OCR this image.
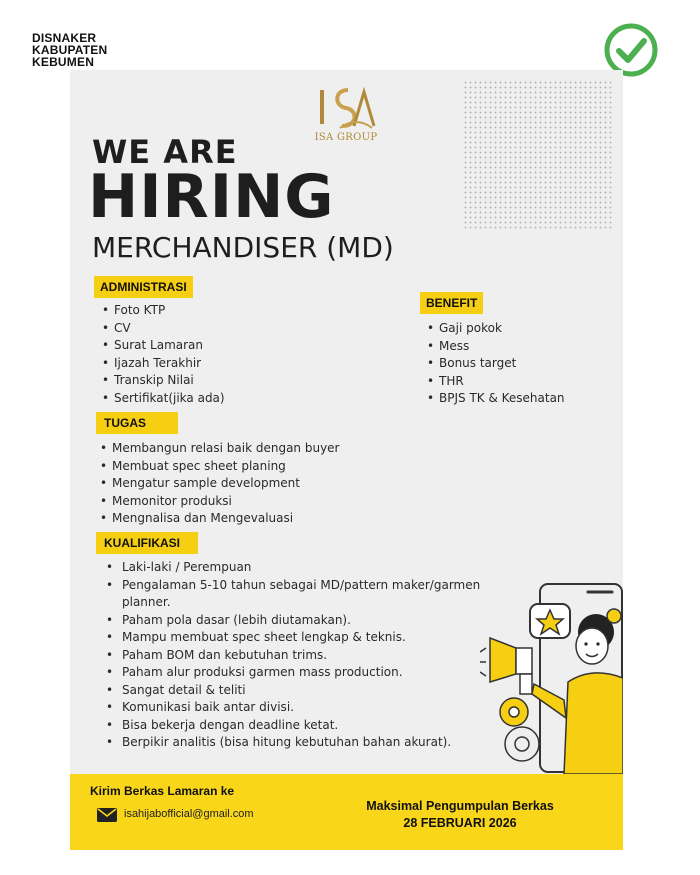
DISNAKER
KABUPATEN
KEBUMEN
ISA GROUP
WE ARE
HIRING
MERCHANDISER (MD)
ADMINISTRASI
• Foto KTP
• CV
• Surat Lamaran
• Ijazah Terakhir
• Transkip Nilai
• Sertifikat(jika ada)
BENEFIT
• Gaji pokok
• Mess
• Bonus target
• THR
• BPJS TK & Kesehatan
TUGAS
• Membangun relasi baik dengan buyer
• Membuat spec sheet planing
• Mengatur sample development
• Memonitor produksi
• Mengnalisa dan Mengevaluasi
KUALIFIKASI
• Laki-laki / Perempuan
• Pengalaman 5-10 tahun sebagai MD/pattern maker/garmen planner.
• Paham pola dasar (lebih diutamakan).
• Mampu membuat spec sheet lengkap & teknis.
• Paham BOM dan kebutuhan trims.
• Paham alur produksi garmen mass production.
• Sangat detail & teliti
• Komunikasi baik antar divisi.
• Bisa bekerja dengan deadline ketat.
• Berpikir analitis (bisa hitung kebutuhan bahan akurat).
Kirim Berkas Lamaran ke
isahijabofficial@gmail.com
Maksimal Pengumpulan Berkas
28 FEBRUARI 2026
